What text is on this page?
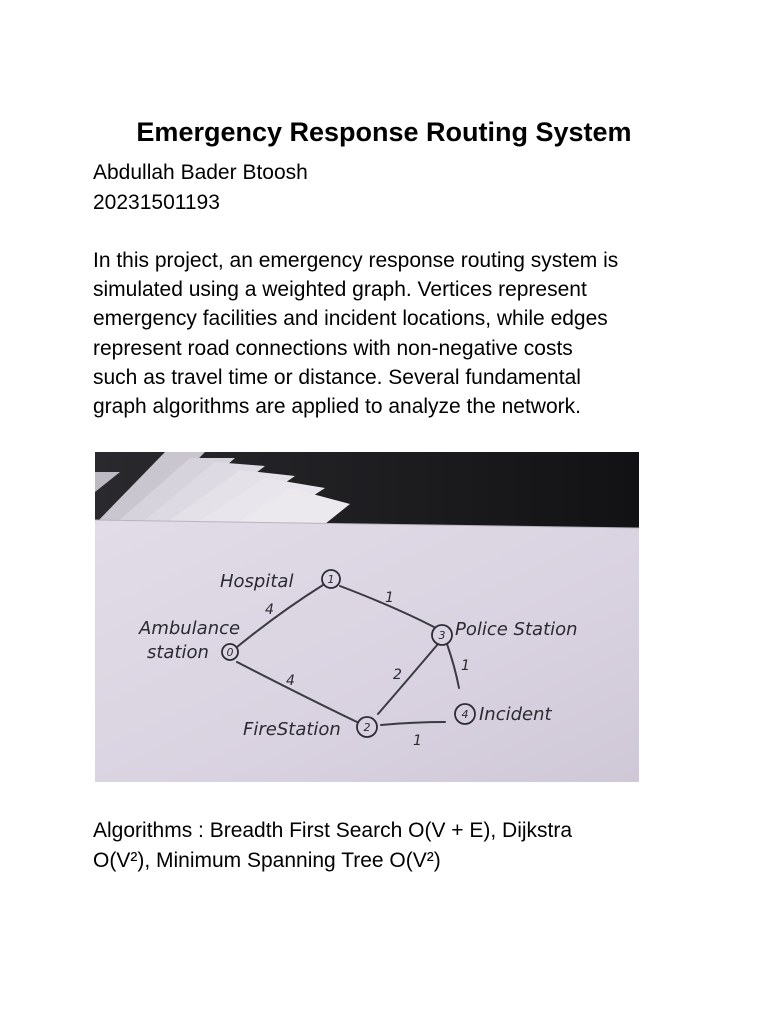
Emergency Response Routing System
Abdullah Bader Btoosh
20231501193

In this project, an emergency response routing system is
simulated using a weighted graph. Vertices represent
emergency facilities and incident locations, while edges
represent road connections with non-negative costs
such as travel time or distance. Several fundamental
graph algorithms are applied to analyze the network.

4
1
4	2
1
1
0
1
2
3
4
Ambulance
station
Hospital
FireStation
Police Station
Incident

Algorithms : Breadth First Search O(V + E), Dijkstra
O(V²), Minimum Spanning Tree O(V²)
